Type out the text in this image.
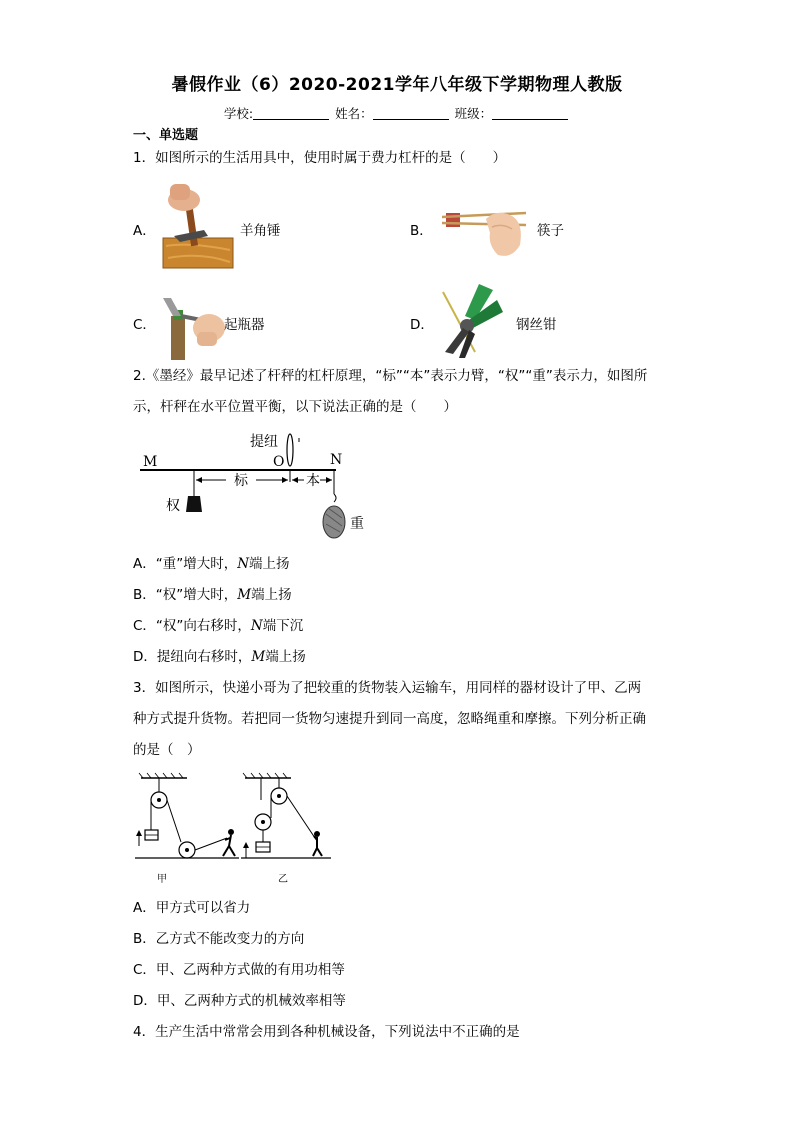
暑假作业（6）2020-2021学年八年级下学期物理人教版
学校:	姓名：	班级：
一、单选题
1．如图所示的生活用具中，使用时属于费力杠杆的是（　　）
A．	羊角锤	B．	筷子
C．	起瓶器	D．	钢丝钳
2.《墨经》最早记述了杆秤的杠杆原理，“标”“本”表示力臂，“权”“重”表示力，如图所
示，杆秤在水平位置平衡，以下说法正确的是（　　）
提纽
M	O	N
标	本
权
重
A．“重”增大时，N端上扬
B．“权”增大时，M端上扬
C．“权”向右移时，N端下沉
D．提纽向右移时，M端上扬
3．如图所示，快递小哥为了把较重的货物装入运输车，用同样的器材设计了甲、乙两
种方式提升货物。若把同一货物匀速提升到同一高度，忽略绳重和摩擦。下列分析正确
的是（　）
甲	乙
A．甲方式可以省力
B．乙方式不能改变力的方向
C．甲、乙两种方式做的有用功相等
D．甲、乙两种方式的机械效率相等
4．生产生活中常常会用到各种机械设备，下列说法中不正确的是
